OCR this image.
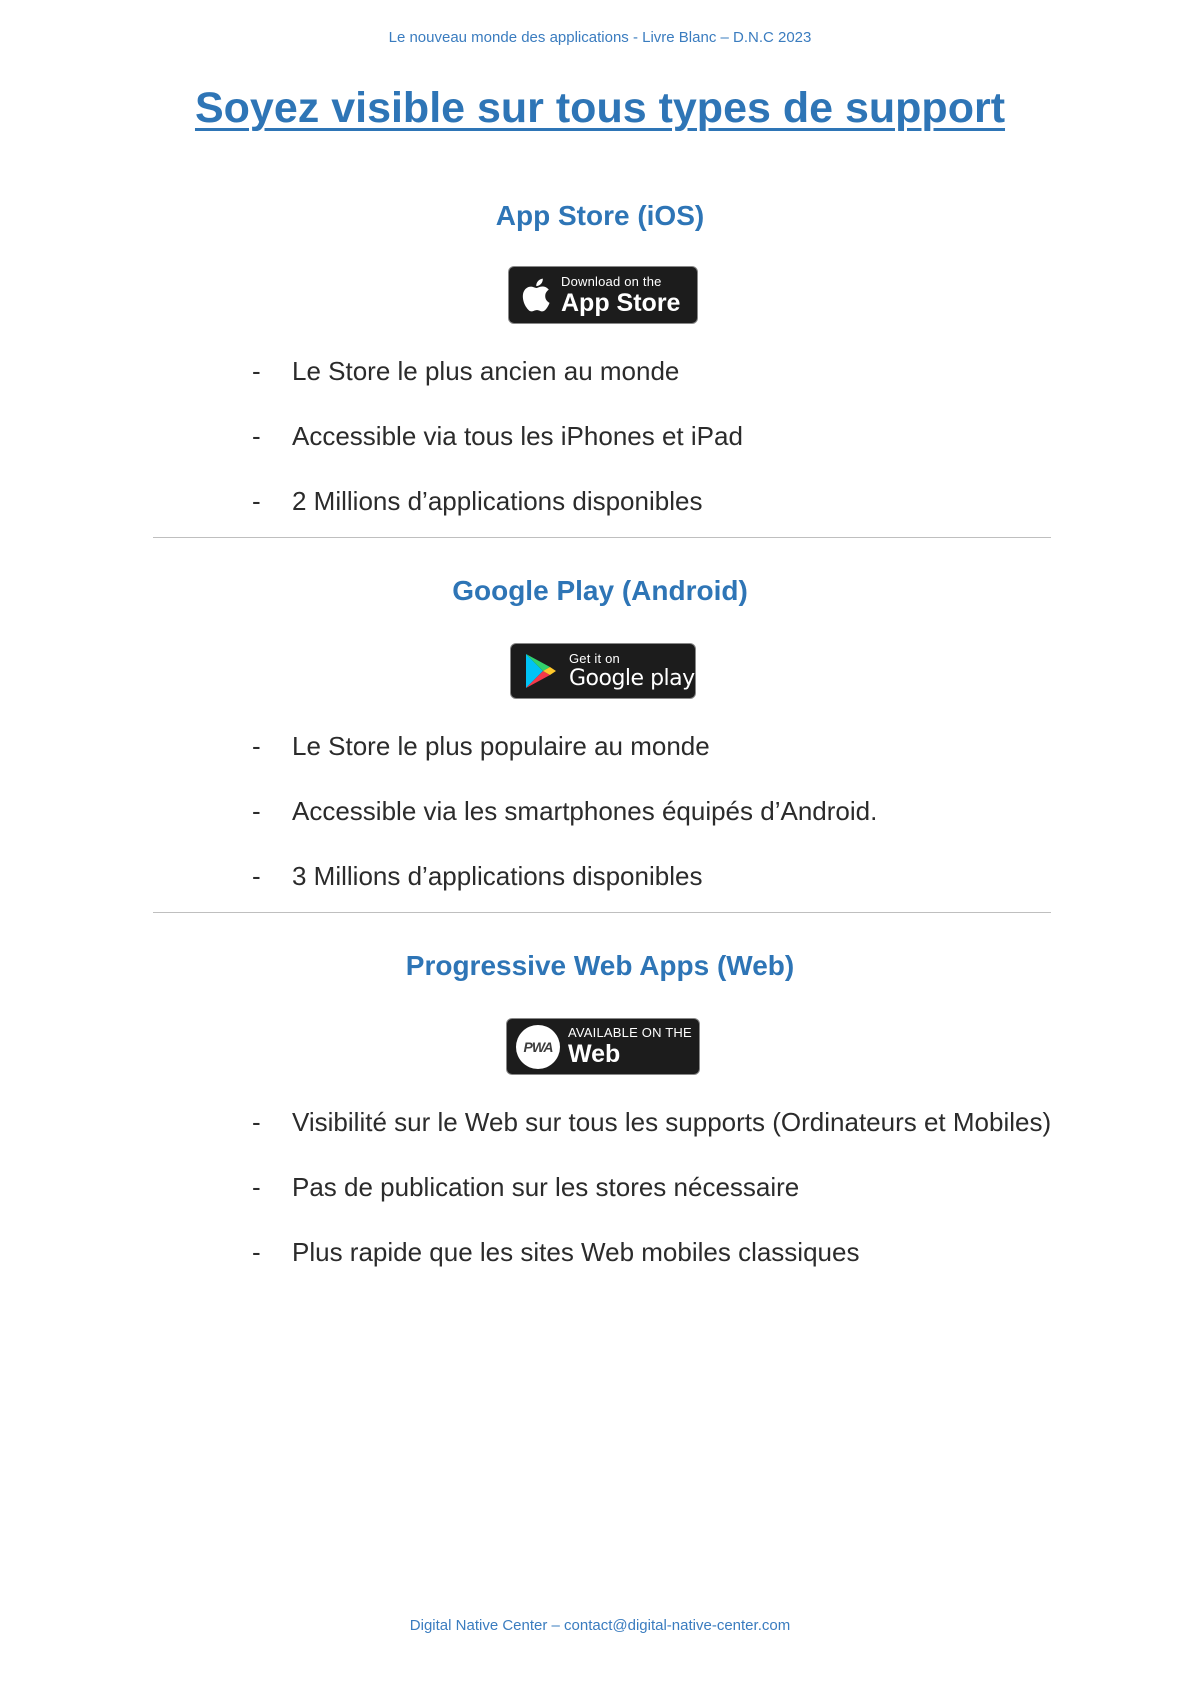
Le nouveau monde des applications - Livre Blanc – D.N.C 2023
Soyez visible sur tous types de support
App Store (iOS)
Download on the
App Store
- Le Store le plus ancien au monde
- Accessible via tous les iPhones et iPad
- 2 Millions d’applications disponibles
Google Play (Android)
Get it on
Google play
- Le Store le plus populaire au monde
- Accessible via les smartphones équipés d’Android.
- 3 Millions d’applications disponibles
Progressive Web Apps (Web)
PWA
AVAILABLE ON THE
Web
- Visibilité sur le Web sur tous les supports (Ordinateurs et Mobiles)
- Pas de publication sur les stores nécessaire
- Plus rapide que les sites Web mobiles classiques
Digital Native Center – contact@digital-native-center.com
